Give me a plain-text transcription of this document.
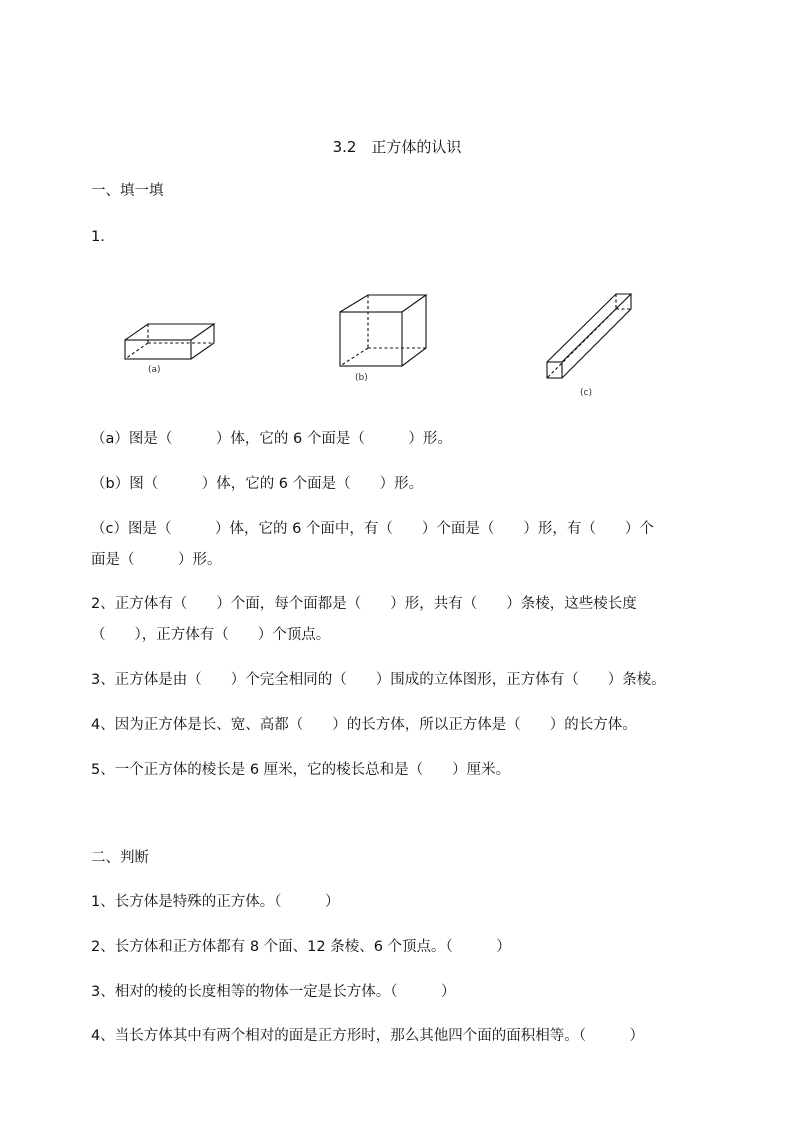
3.2　正方体的认识
一、填一填
1.
(a)
(b)
(c)
（a）图是（　　　）体，它的 6 个面是（　　　）形。
（b）图（　　　）体，它的 6 个面是（　　）形。
（c）图是（　　　）体，它的 6 个面中，有（　　）个面是（　　）形，有（　　）个
面是（　　　）形。
2、正方体有（　　）个面，每个面都是（　　）形，共有（　　）条棱，这些棱长度
（　　），正方体有（　　）个顶点。
3、正方体是由（　　）个完全相同的（　　）围成的立体图形，正方体有（　　）条棱。
4、因为正方体是长、宽、高都（　　）的长方体，所以正方体是（　　）的长方体。
5、一个正方体的棱长是 6 厘米，它的棱长总和是（　　）厘米。
二、判断
1、长方体是特殊的正方体。（　　　）
2、长方体和正方体都有 8 个面、12 条棱、6 个顶点。（　　　）
3、相对的棱的长度相等的物体一定是长方体。（　　　）
4、当长方体其中有两个相对的面是正方形时，那么其他四个面的面积相等。（　　　）
